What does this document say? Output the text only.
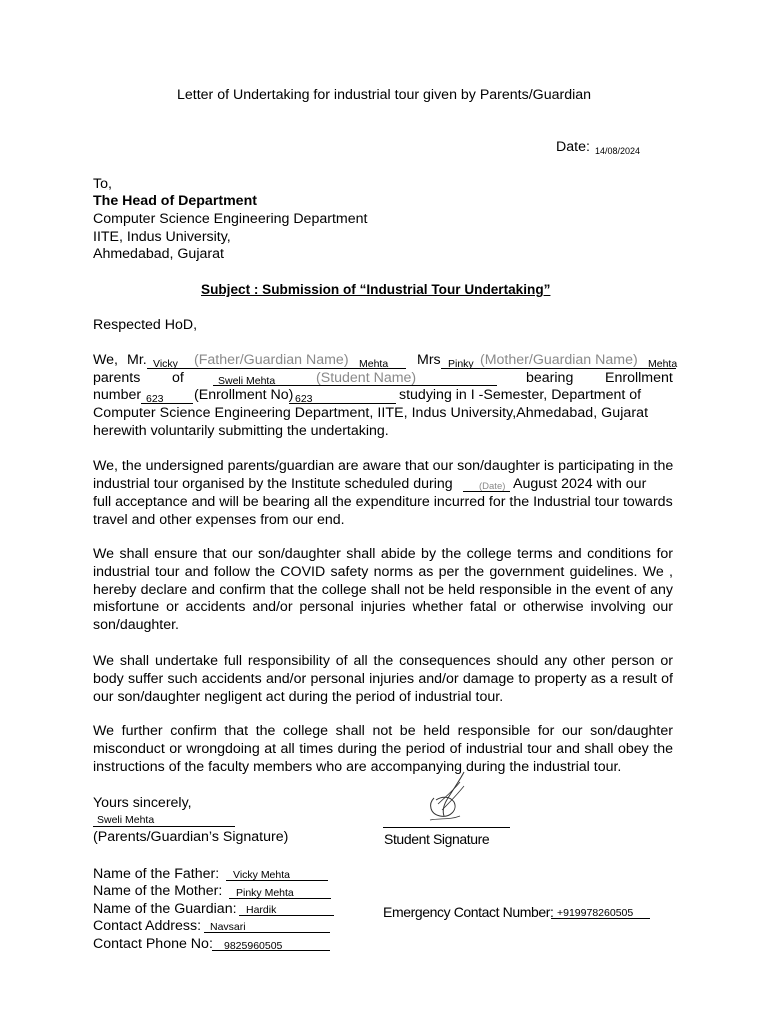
Letter of Undertaking for industrial tour given by Parents/Guardian
Date: 14/08/2024
To,
The Head of Department
Computer Science Engineering Department
IITE, Indus University,
Ahmedabad, Gujarat
Subject : Submission of “Industrial Tour Undertaking”
Respected HoD,
We, Mr. Vicky (Father/Guardian Name) Mehta Mrs Pinky (Mother/Guardian Name) Mehta
parents of	Sweli Mehta	(Student Name)	bearing Enrollment
number 623 (Enrollment No) 623	studying in I -Semester, Department of
Computer Science Engineering Department, IITE, Indus University,Ahmedabad, Gujarat
herewith voluntarily submitting the undertaking.
We, the undersigned parents/guardian are aware that our son/daughter is participating in the
industrial tour organised by the Institute scheduled during	(Date) August 2024 with our
full acceptance and will be bearing all the expenditure incurred for the Industrial tour towards
travel and other expenses from our end.

We shall ensure that our son/daughter shall abide by the college terms and conditions for industrial tour and follow the COVID safety norms as per the government guidelines. We , hereby declare and confirm that the college shall not be held responsible in the event of any misfortune or accidents and/or personal injuries whether fatal or otherwise involving our son/daughter.

We shall undertake full responsibility of all the consequences should any other person or body suffer such accidents and/or personal injuries and/or damage to property as a result of our son/daughter negligent act during the period of industrial tour.

We further confirm that the college shall not be held responsible for our son/daughter misconduct or wrongdoing at all times during the period of industrial tour and shall obey the instructions of the faculty members who are accompanying during the industrial tour.

Yours sincerely,
Sweli Mehta
(Parents/Guardian’s Signature)	Student Signature
Name of the Father: Vicky Mehta
Name of the Mother: Pinky Mehta
Name of the Guardian: Hardik
Contact Address: Navsari
Contact Phone No: 9825960505
Emergency Contact Number: +919978260505
